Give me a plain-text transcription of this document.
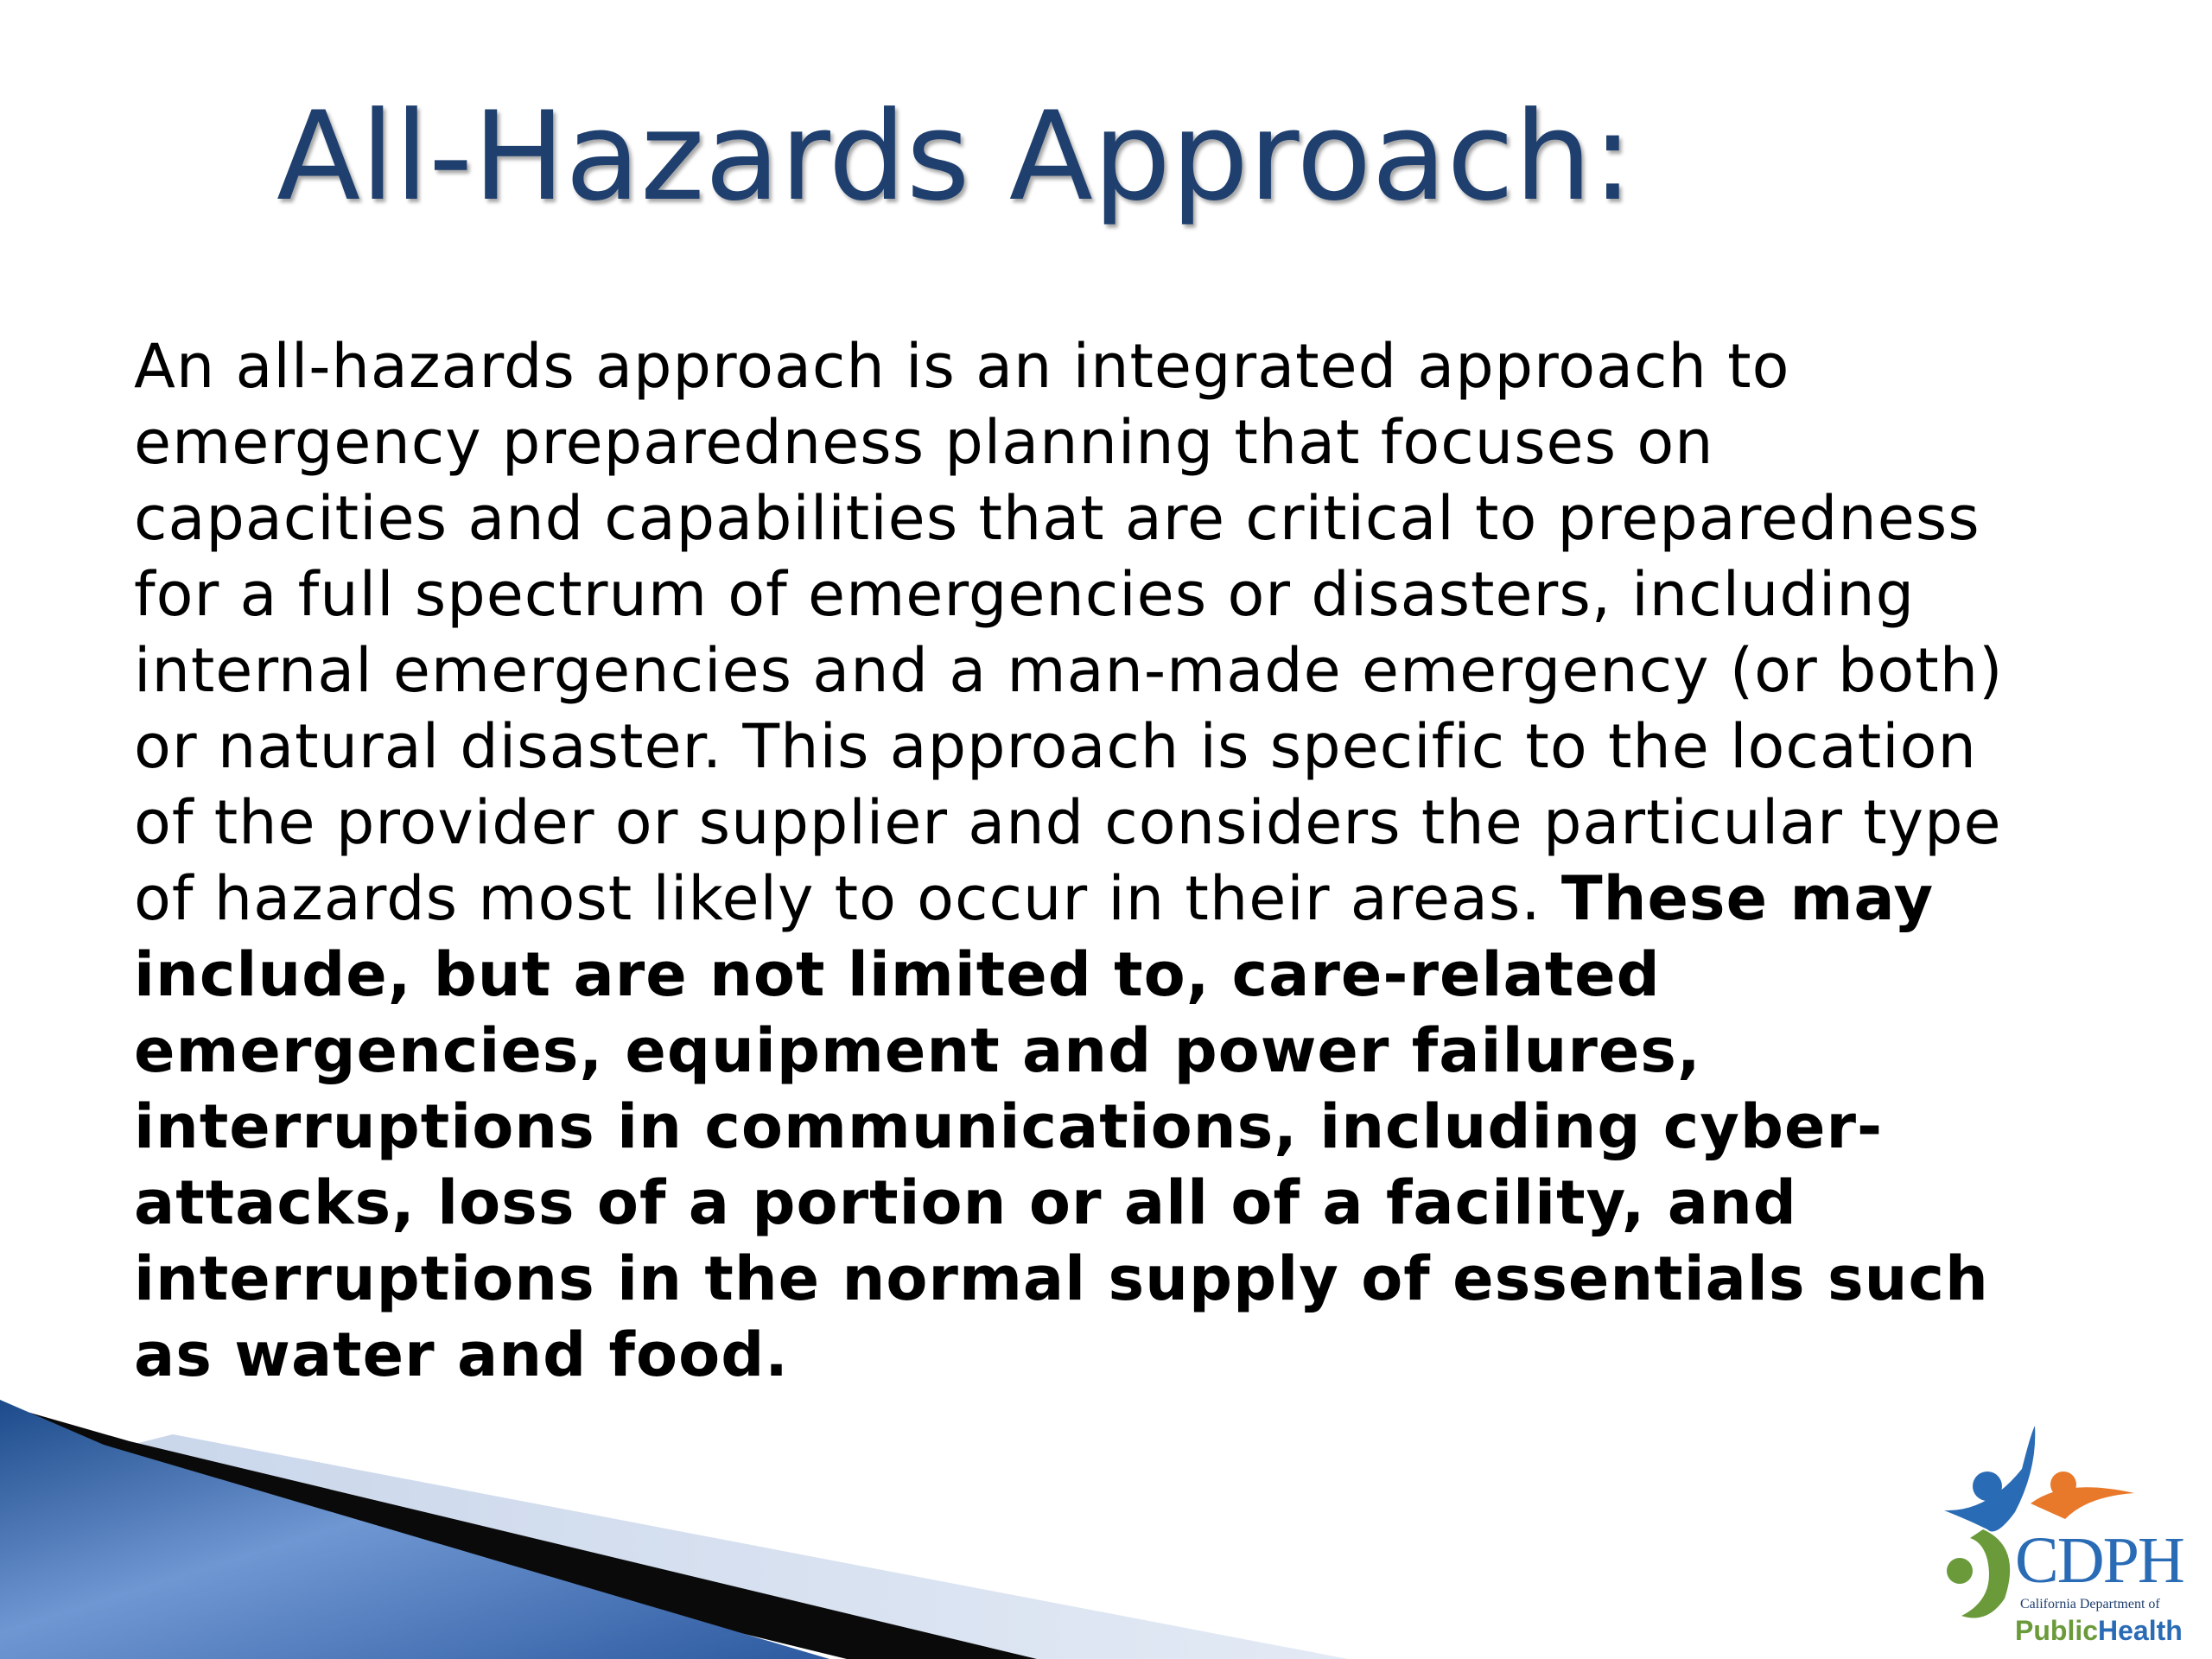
All-Hazards Approach:

An all-hazards approach is an integrated approach to emergency preparedness planning that focuses on capacities and capabilities that are critical to preparedness for a full spectrum of emergencies or disasters, including internal emergencies and a man-made emergency (or both) or natural disaster. This approach is specific to the location of the provider or supplier and considers the particular type of hazards most likely to occur in their areas. These may include, but are not limited to, care-related emergencies, equipment and power failures, interruptions in communications, including cyber-attacks, loss of a portion or all of a facility, and interruptions in the normal supply of essentials such as water and food.

CDPH
California Department of
PublicHealth
